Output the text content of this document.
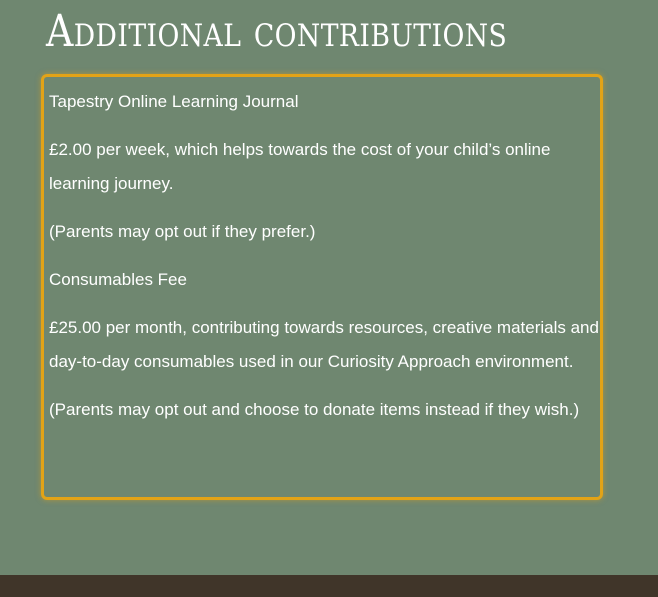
Additional contributions

Tapestry Online Learning Journal

£2.00 per week, which helps towards the cost of your child’s online learning journey.

(Parents may opt out if they prefer.)

Consumables Fee

£25.00 per month, contributing towards resources, creative materials and day-to-day consumables used in our Curiosity Approach environment.

(Parents may opt out and choose to donate items instead if they wish.)
